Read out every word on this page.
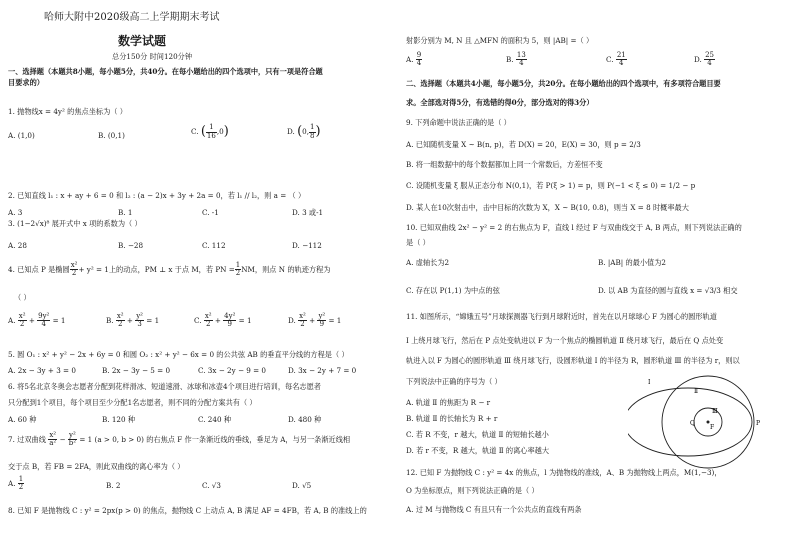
哈师大附中2020级高二上学期期末考试
数学试题
总分150分 时间120分钟
一、选择题（本题共8小题，每小题5分，共40分。在每小题给出的四个选项中，只有一项是符合题
目要求的）
1. 抛物线x = 4y² 的焦点坐标为（ ）
A. (1,0)	B. (0,1)	C. ( $\frac{1}{16} ,0$)	D. (0, $\frac{1}{8}$ )
2. 已知直线 l₁ : x + ay + 6 = 0 和 l₂ : (a − 2)x + 3y + 2a = 0，若 l₁ // l₂，则 a = （ ）
A. 3	B. 1	C. -1	D. 3 或-1
3. (1−2√x)⁸ 展开式中 x 项的系数为（ ）
A. 28	B. −28	C. 112	D. −112
4. 已知点 P 是椭圆 $\frac{\text{x²}}{2} + y^2 = 1$上的动点，PM ⊥ x 于点 M，若 PN = $\frac{1}{2}$ NM，则点 N 的轨迹方程为
（ ）
A. $\frac{\text{x²}}{2} + \frac{\text{9y²}}{4} = 1$	B. $\frac{\text{x²}}{2} + \frac{\text{y²}}{3} = 1$	C. $\frac{\text{x²}}{2} + \frac{\text{4y²}}{9} = 1$	D. $\frac{\text{x²}}{2} + \frac{\text{y²}}{9} = 1$
5. 圆 O₁ : x² + y² − 2x + 6y = 0 和圆 O₂ : x² + y² − 6x = 0 的公共弦 AB 的垂直平分线的方程是（ ）
A. 2x − 3y + 3 = 0	B. 2x − 3y − 5 = 0	C. 3x − 2y − 9 = 0	D. 3x − 2y + 7 = 0
6. 将5名北京冬奥会志愿者分配到花样滑冰、短道速滑、冰球和冰壶4个项目进行培训，每名志愿者
只分配到1个项目，每个项目至少分配1名志愿者，则不同的分配方案共有（ ）
A. 60 种	B. 120 种	C. 240 种	D. 480 种
7. 过双曲线 $\frac{\text{x²}}{\text{a²}} - \frac{\text{y²}}{\text{b²}} = 1$ (a > 0, b > 0) 的右焦点 F 作一条渐近线的垂线，垂足为 A，与另一条渐近线相
交于点 B，若 FB = 2FA，则此双曲线的离心率为（ ）
A. $\frac{1}{2}$	B. 2	C. √3	D. √5
8. 已知 F 是抛物线 C : y² = 2px(p > 0) 的焦点，抛物线 C 上动点 A, B 满足 AF = 4FB，若 A, B 的准线上的
射影分别为 M, N 且 △MFN 的面积为 5，则 |AB| =（ ）
A. $\frac{9}{4}$	B. $\frac{13}{4}$	C. $\frac{21}{4}$	D. $\frac{25}{4}$
二、选择题（本题共4小题，每小题5分，共20分。在每小题给出的四个选项中，有多项符合题目要
求。全部选对得5分，有选错的得0分，部分选对的得3分）
9. 下列命题中说法正确的是（ ）
A. 已知随机变量 X ~ B(n, p)，若 D(X) = 20，E(X) = 30，则 p = 2/3
B. 将一组数据中的每个数据都加上同一个常数后，方差恒不变
C. 设随机变量 ξ 服从正态分布 N(0,1)，若 P(ξ > 1) = p，则 P(−1 < ξ ≤ 0) = 1/2 − p
D. 某人在10次射击中，击中目标的次数为 X，X ~ B(10, 0.8)，则当 X = 8 时概率最大
10. 已知双曲线 2x² − y² = 2 的右焦点为 F，直线 l 经过 F 与双曲线交于 A, B 两点，则下列说法正确的
是（ ）
A. 虚轴长为2	B. |AB| 的最小值为2
C. 存在以 P(1,1) 为中点的弦	D. 以 AB 为直径的圆与直线 x = √3/3 相交
11. 如图所示，“嫦娥五号”月球探测器飞行到月球附近时，首先在以月球球心 F 为圆心的圆形轨道
Ⅰ 上绕月球飞行，然后在 P 点处变轨进以 F 为一个焦点的椭圆轨道 Ⅱ 绕月球飞行，最后在 Q 点处变
轨进入以 F 为圆心的圆形轨道 Ⅲ 绕月球飞行，设圆形轨道 Ⅰ 的半径为 R，圆形轨道 Ⅲ 的半径为 r，则以
下列说法中正确的序号为（ ）
A. 轨道 Ⅱ 的焦距为 R − r
B. 轨道 Ⅱ 的长轴长为 R + r
C. 若 R 不变，r 越大，轨道 Ⅱ 的短轴长越小
D. 若 r 不变，R 越大，轨道 Ⅱ 的离心率越大
Ⅰ
Ⅱ
Ⅲ
Q
F
P
12. 已知 F 为抛物线 C : y² = 4x 的焦点，l 为抛物线的准线，A、B 为抛物线上两点，M(1,−3)，
O 为坐标原点，则下列说法正确的是（ ）
A. 过 M 与抛物线 C 有且只有一个公共点的直线有两条
